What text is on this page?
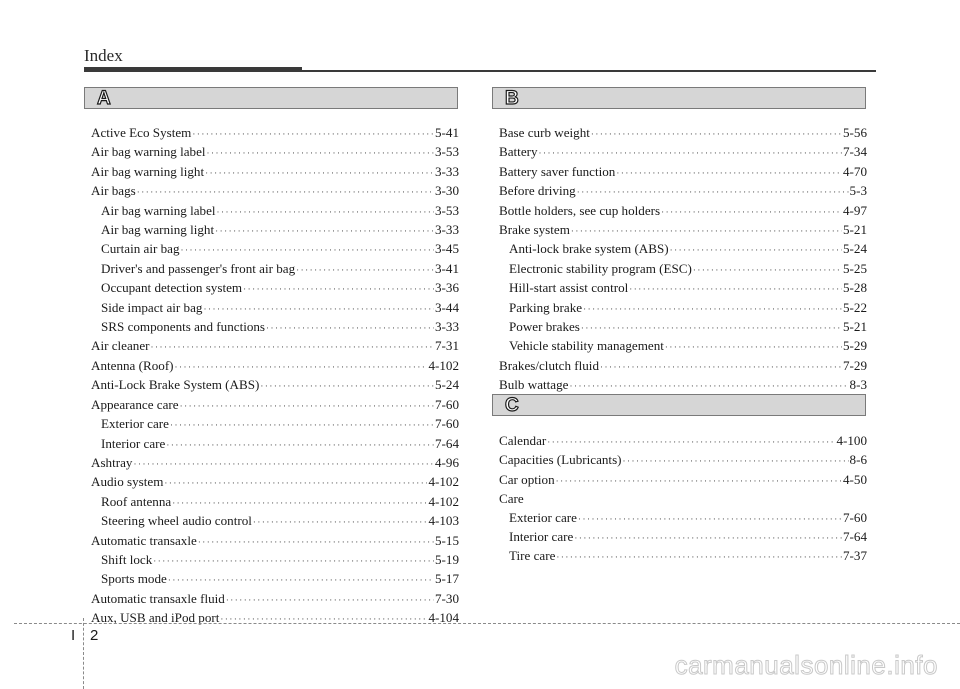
Index
A
Active Eco System ·····	5-41
Air bag warning label ·····	3-53
Air bag warning light ·····	3-33
Air bags ·····	3-30
Air bag warning label ·····	3-53
Air bag warning light ·····	3-33
Curtain air bag ·····	3-45
Driver's and passenger's front air bag ·····	3-41
Occupant detection system ·····	3-36
Side impact air bag ·····	3-44
SRS components and functions ·····	3-33
Air cleaner ·····	7-31
Antenna (Roof) ·····	4-102
Anti-Lock Brake System (ABS) ·····	5-24
Appearance care ·····	7-60
Exterior care ·····	7-60
Interior care ·····	7-64
Ashtray ·····	4-96
Audio system ·····	4-102
Roof antenna ·····	4-102
Steering wheel audio control ·····	4-103
Automatic transaxle ·····	5-15
Shift lock ·····	5-19
Sports mode ·····	5-17
Automatic transaxle fluid ·····	7-30
Aux, USB and iPod port ·····	4-104
B
Base curb weight ·····	5-56
Battery ·····	7-34
Battery saver function ·····	4-70
Before driving ·····	5-3
Bottle holders, see cup holders ·····	4-97
Brake system ·····	5-21
Anti-lock brake system (ABS) ·····	5-24
Electronic stability program (ESC) ·····	5-25
Hill-start assist control ·····	5-28
Parking brake ·····	5-22
Power brakes ·····	5-21
Vehicle stability management ·····	5-29
Brakes/clutch fluid ·····	7-29
Bulb wattage ·····	8-3
C
Calendar ·····	4-100
Capacities (Lubricants) ·····	8-6
Car option ·····	4-50
Care
Exterior care ·····	7-60
Interior care ·····	7-64
Tire care ·····	7-37
I 2
carmanualsonline.info
